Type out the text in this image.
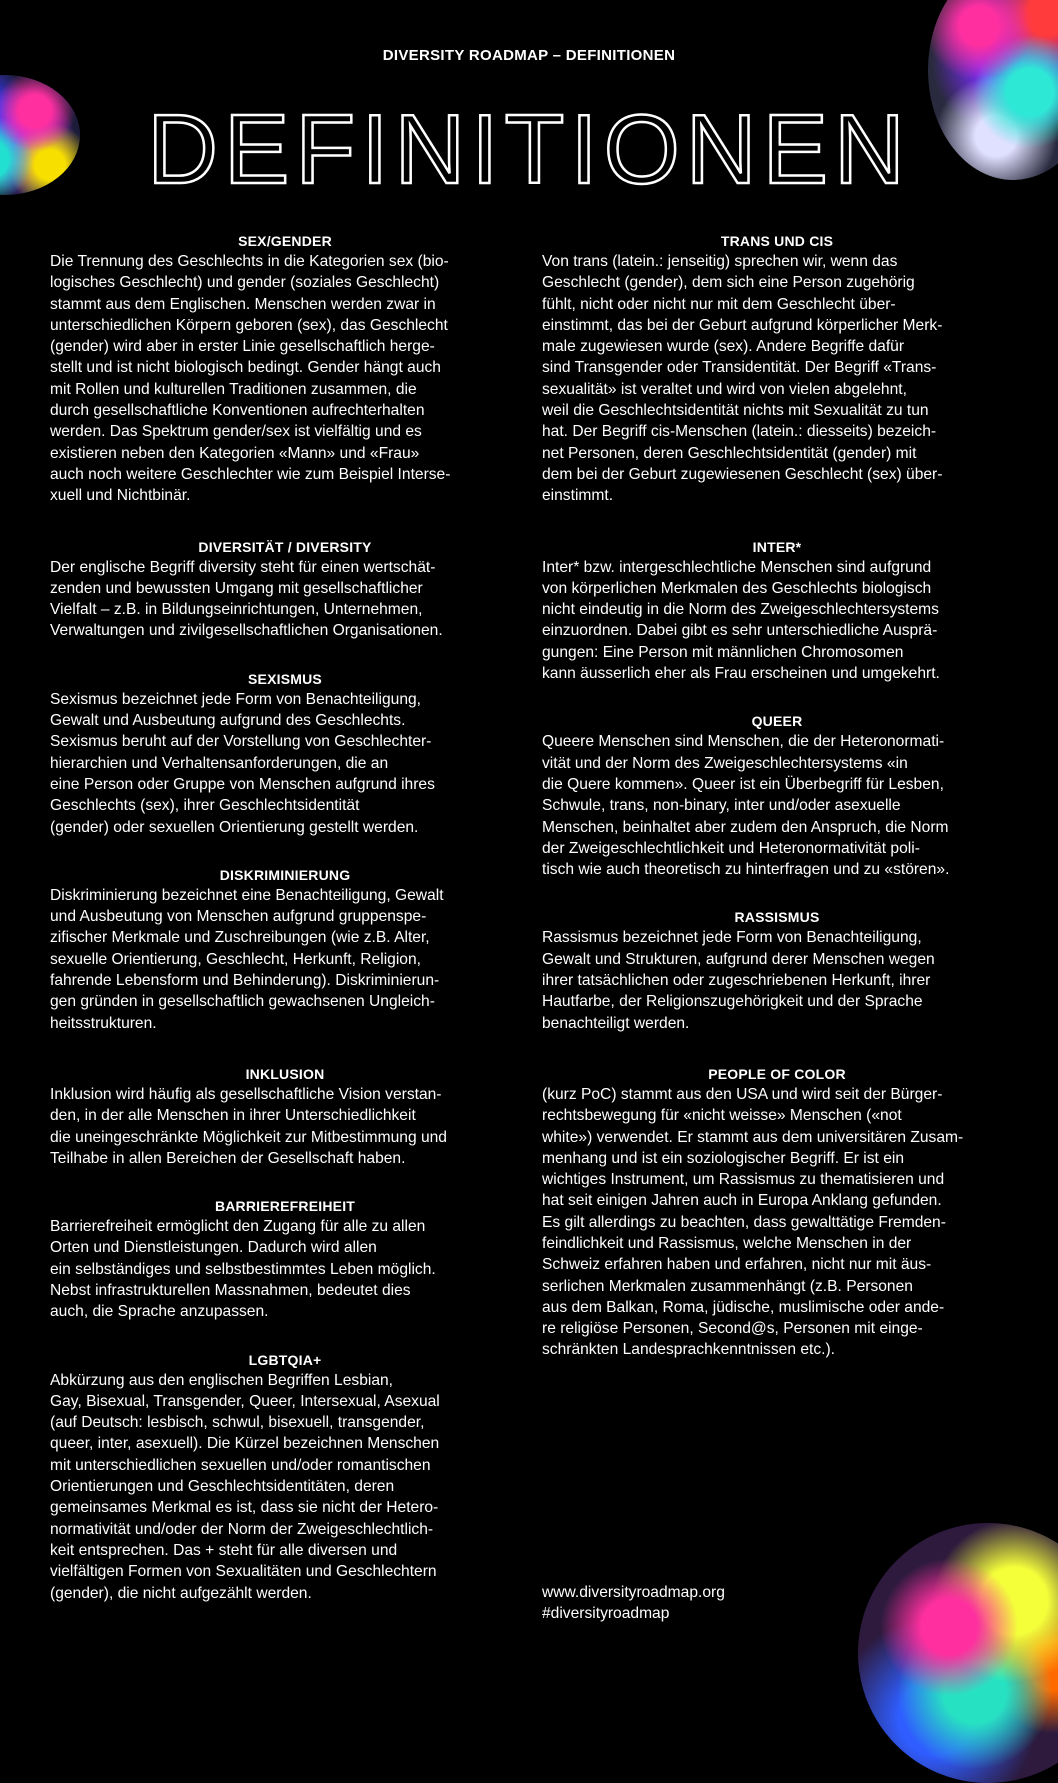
DIVERSITY ROADMAP – DEFINITIONEN
DEFINITIONEN
SEX/GENDER
Die Trennung des Geschlechts in die Kategorien sex (bio-
logisches Geschlecht) und gender (soziales Geschlecht)
stammt aus dem Englischen. Menschen werden zwar in
unterschiedlichen Körpern geboren (sex), das Geschlecht
(gender) wird aber in erster Linie gesellschaftlich herge-
stellt und ist nicht biologisch bedingt. Gender hängt auch
mit Rollen und kulturellen Traditionen zusammen, die
durch gesellschaftliche Konventionen aufrechterhalten
werden. Das Spektrum gender/sex ist vielfältig und es
existieren neben den Kategorien «Mann» und «Frau»
auch noch weitere Geschlechter wie zum Beispiel Interse-
xuell und Nichtbinär.
DIVERSITÄT / DIVERSITY
Der englische Begriff diversity steht für einen wertschät-
zenden und bewussten Umgang mit gesellschaftlicher
Vielfalt – z.B. in Bildungseinrichtungen, Unternehmen,
Verwaltungen und zivilgesellschaftlichen Organisationen.
SEXISMUS
Sexismus bezeichnet jede Form von Benachteiligung,
Gewalt und Ausbeutung aufgrund des Geschlechts.
Sexismus beruht auf der Vorstellung von Geschlechter-
hierarchien und Verhaltensanforderungen, die an
eine Person oder Gruppe von Menschen aufgrund ihres
Geschlechts (sex), ihrer Geschlechtsidentität
(gender) oder sexuellen Orientierung gestellt werden.
DISKRIMINIERUNG
Diskriminierung bezeichnet eine Benachteiligung, Gewalt
und Ausbeutung von Menschen aufgrund gruppenspe-
zifischer Merkmale und Zuschreibungen (wie z.B. Alter,
sexuelle Orientierung, Geschlecht, Herkunft, Religion,
fahrende Lebensform und Behinderung). Diskriminierun-
gen gründen in gesellschaftlich gewachsenen Ungleich-
heitsstrukturen.
INKLUSION
Inklusion wird häufig als gesellschaftliche Vision verstan-
den, in der alle Menschen in ihrer Unterschiedlichkeit
die uneingeschränkte Möglichkeit zur Mitbestimmung und
Teilhabe in allen Bereichen der Gesellschaft haben.
BARRIEREFREIHEIT
Barrierefreiheit ermöglicht den Zugang für alle zu allen
Orten und Dienstleistungen. Dadurch wird allen
ein selbständiges und selbstbestimmtes Leben möglich.
Nebst infrastrukturellen Massnahmen, bedeutet dies
auch, die Sprache anzupassen.
LGBTQIA+
Abkürzung aus den englischen Begriffen Lesbian,
Gay, Bisexual, Transgender, Queer, Intersexual, Asexual
(auf Deutsch: lesbisch, schwul, bisexuell, transgender,
queer, inter, asexuell). Die Kürzel bezeichnen Menschen
mit unterschiedlichen sexuellen und/oder romantischen
Orientierungen und Geschlechtsidentitäten, deren
gemeinsames Merkmal es ist, dass sie nicht der Hetero-
normativität und/oder der Norm der Zweigeschlechtlich-
keit entsprechen. Das + steht für alle diversen und
vielfältigen Formen von Sexualitäten und Geschlechtern
(gender), die nicht aufgezählt werden.
TRANS UND CIS
Von trans (latein.: jenseitig) sprechen wir, wenn das
Geschlecht (gender), dem sich eine Person zugehörig
fühlt, nicht oder nicht nur mit dem Geschlecht über-
einstimmt, das bei der Geburt aufgrund körperlicher Merk-
male zugewiesen wurde (sex). Andere Begriffe dafür
sind Transgender oder Transidentität. Der Begriff «Trans-
sexualität» ist veraltet und wird von vielen abgelehnt,
weil die Geschlechtsidentität nichts mit Sexualität zu tun
hat. Der Begriff cis-Menschen (latein.: diesseits) bezeich-
net Personen, deren Geschlechtsidentität (gender) mit
dem bei der Geburt zugewiesenen Geschlecht (sex) über-
einstimmt.
INTER*
Inter* bzw. intergeschlechtliche Menschen sind aufgrund
von körperlichen Merkmalen des Geschlechts biologisch
nicht eindeutig in die Norm des Zweigeschlechtersystems
einzuordnen. Dabei gibt es sehr unterschiedliche Ausprä-
gungen: Eine Person mit männlichen Chromosomen
kann äusserlich eher als Frau erscheinen und umgekehrt.
QUEER
Queere Menschen sind Menschen, die der Heteronormati-
vität und der Norm des Zweigeschlechtersystems «in
die Quere kommen». Queer ist ein Überbegriff für Lesben,
Schwule, trans, non-binary, inter und/oder asexuelle
Menschen, beinhaltet aber zudem den Anspruch, die Norm
der Zweigeschlechtlichkeit und Heteronormativität poli-
tisch wie auch theoretisch zu hinterfragen und zu «stören».
RASSISMUS
Rassismus bezeichnet jede Form von Benachteiligung,
Gewalt und Strukturen, aufgrund derer Menschen wegen
ihrer tatsächlichen oder zugeschriebenen Herkunft, ihrer
Hautfarbe, der Religionszugehörigkeit und der Sprache
benachteiligt werden.
PEOPLE OF COLOR
(kurz PoC) stammt aus den USA und wird seit der Bürger-
rechtsbewegung für «nicht weisse» Menschen («not
white») verwendet. Er stammt aus dem universitären Zusam-
menhang und ist ein soziologischer Begriff. Er ist ein
wichtiges Instrument, um Rassismus zu thematisieren und
hat seit einigen Jahren auch in Europa Anklang gefunden.
Es gilt allerdings zu beachten, dass gewalttätige Fremden-
feindlichkeit und Rassismus, welche Menschen in der
Schweiz erfahren haben und erfahren, nicht nur mit äus-
serlichen Merkmalen zusammenhängt (z.B. Personen
aus dem Balkan, Roma, jüdische, muslimische oder ande-
re religiöse Personen, Second@s, Personen mit einge-
schränkten Landesprachkenntnissen etc.).
www.diversityroadmap.org
#diversityroadmap
